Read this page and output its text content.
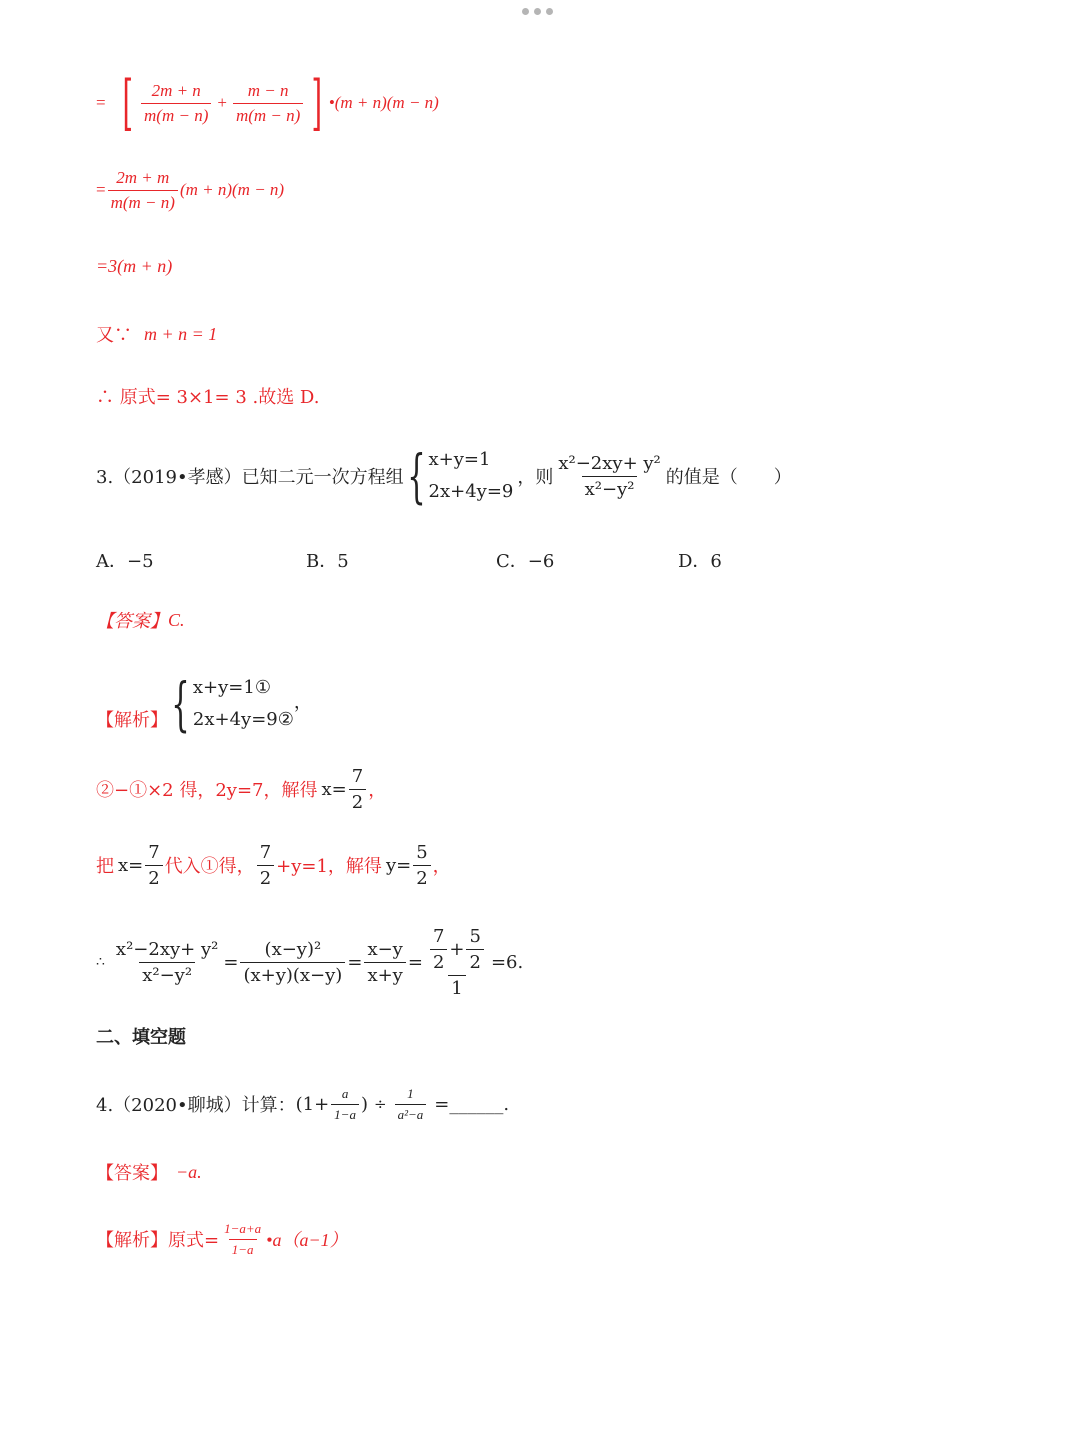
= [ $\frac{2m + n}{m(m - n)} + \frac{m - n}{m(m - n)}$ ] •(m + n)(m − n)
= $\frac{2m + m}{m(m - n)} (m + n)(m - n)$
=3(m + n)
又∵ m + n = 1
∴ 原式= 3×1= 3 .故选 D.
3.（2019•孝感）已知二元一次方程组 { x+y=1
2x+4y=9
，则 $\frac{\text{x²−2xy+ y²}}{\text{x²−y²}}$ 的值是（　　）
A．−5	B．5	C．−6	D．6
【答案】 C.
【解析】 { x+y=1①
2x+4y=9②
，
②−①×2 得，2y=7，解得 $x= \frac{7}{2}$ ，
把 $x= \frac{7}{2}$ 代入①得， $\frac{7}{2} +y=1$，解得 $y= \frac{5}{2}$ ，
∴ $\frac{\text{x²−2xy+ y²}}{\text{x²−y²}} = \frac{\text{(x−y)²}}{(x+y)(x-y)} = \frac{x-y}{x+y} = \frac{\frac{7}{2} + \frac{5}{2}}{1} =6$.
二、填空题
4.（2020•聊城）计算： ($1+ \frac{a}{1-a}$ ) ÷ $\frac{1}{\text{a²−a}}$ =______.
【答案】 −a.
【解析】原式= $\frac{1-a+a}{1-a}$ •a（a−1）
